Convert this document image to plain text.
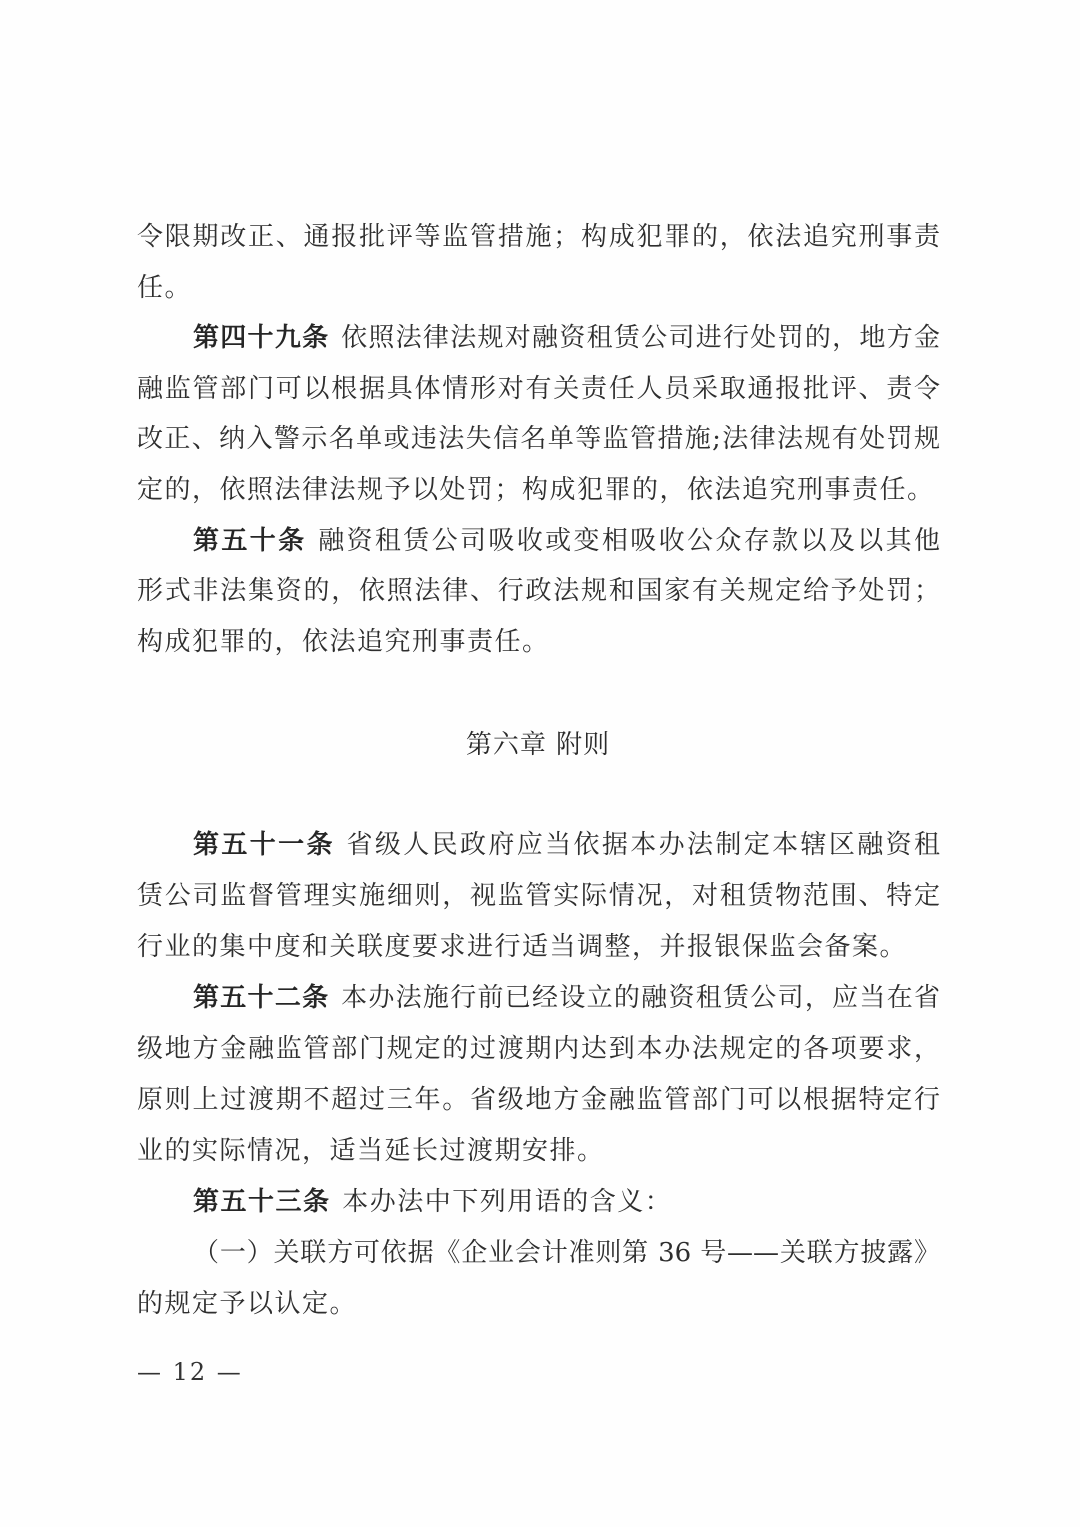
令限期改正、通报批评等监管措施；构成犯罪的，依法追究刑事责
任。
第四十九条 依照法律法规对融资租赁公司进行处罚的，地方金
融监管部门可以根据具体情形对有关责任人员采取通报批评、责令
改正、纳入警示名单或违法失信名单等监管措施;法律法规有处罚规
定的，依照法律法规予以处罚；构成犯罪的，依法追究刑事责任。
第五十条 融资租赁公司吸收或变相吸收公众存款以及以其他
形式非法集资的，依照法律、行政法规和国家有关规定给予处罚；
构成犯罪的，依法追究刑事责任。
第六章 附则
第五十一条 省级人民政府应当依据本办法制定本辖区融资租
赁公司监督管理实施细则，视监管实际情况，对租赁物范围、特定
行业的集中度和关联度要求进行适当调整，并报银保监会备案。
第五十二条 本办法施行前已经设立的融资租赁公司，应当在省
级地方金融监管部门规定的过渡期内达到本办法规定的各项要求，
原则上过渡期不超过三年。省级地方金融监管部门可以根据特定行
业的实际情况，适当延长过渡期安排。
第五十三条 本办法中下列用语的含义：
（一）关联方可依据《企业会计准则第 36 号——关联方披露》
的规定予以认定。
— 12 —
